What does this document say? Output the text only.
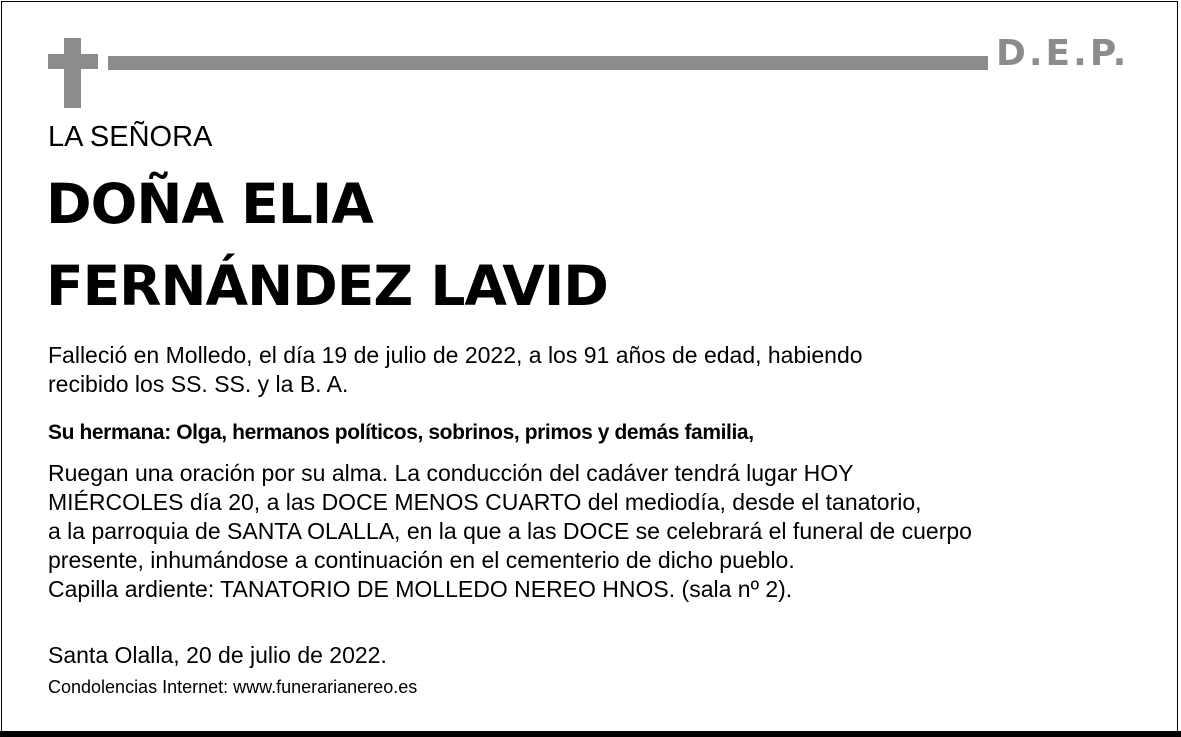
D.E.P.
LA SEÑORA
DOÑA ELIA
FERNÁNDEZ LAVID
Falleció en Molledo, el día 19 de julio de 2022, a los 91 años de edad, habiendo
recibido los SS. SS. y la B. A.
Su hermana: Olga, hermanos políticos, sobrinos, primos y demás familia,
Ruegan una oración por su alma. La conducción del cadáver tendrá lugar HOY
MIÉRCOLES día 20, a las DOCE MENOS CUARTO del mediodía, desde el tanatorio,
a la parroquia de SANTA OLALLA, en la que a las DOCE se celebrará el funeral de cuerpo
presente, inhumándose a continuación en el cementerio de dicho pueblo.
Capilla ardiente: TANATORIO DE MOLLEDO NEREO HNOS. (sala nº 2).
Santa Olalla, 20 de julio de 2022.
Condolencias Internet: www.funerarianereo.es
